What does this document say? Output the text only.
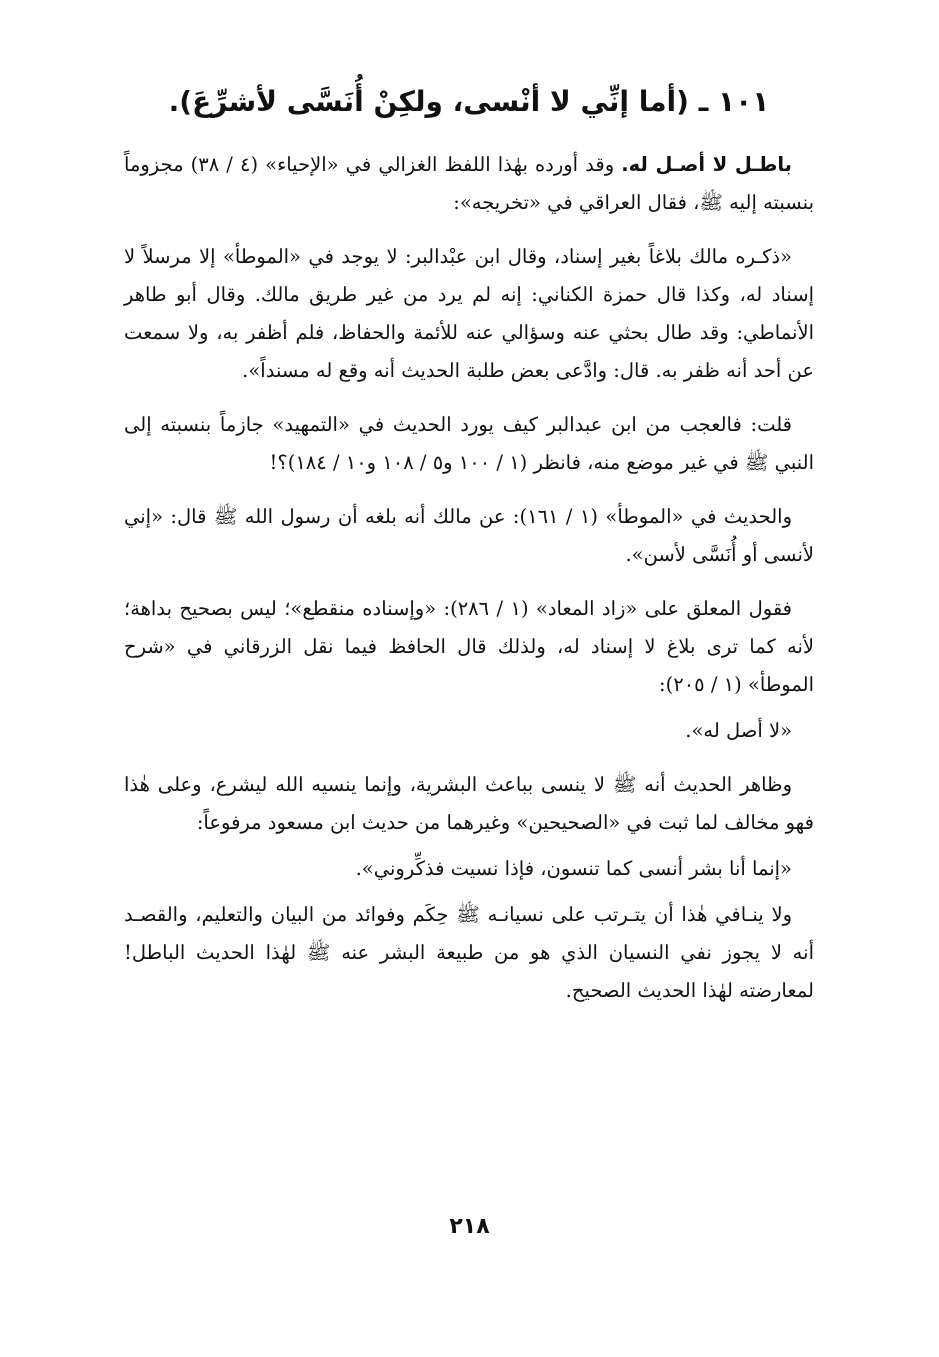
١٠١ ـ (أما إنِّي لا أنْسى، ولكِنْ أُنَسَّى لأشرِّعَ).

باطـل لا أصـل له. وقد أورده بهٰذا اللفظ الغزالي في «الإحياء» (٤ / ٣٨) مجزوماً بنسبته إليه ﷺ، فقال العراقي في «تخريجه»:

«ذكـره مالك بلاغاً بغير إسناد، وقال ابن عبْدالبر: لا يوجد في «الموطأ» إلا مرسلاً لا إسناد له، وكذا قال حمزة الكناني: إنه لم يرد من غير طريق مالك. وقال أبو طاهر الأنماطي: وقد طال بحثي عنه وسؤالي عنه للأئمة والحفاظ، فلم أظفر به، ولا سمعت عن أحد أنه ظفر به. قال: وادَّعى بعض طلبة الحديث أنه وقع له مسنداً».

قلت: فالعجب من ابن عبدالبر كيف يورد الحديث في «التمهيد» جازماً بنسبته إلى النبي ﷺ في غير موضع منه، فانظر (١ / ١٠٠ و٥ / ١٠٨ و١٠ / ١٨٤)؟!

والحديث في «الموطأ» (١ / ١٦١): عن مالك أنه بلغه أن رسول الله ﷺ قال: «إني لأنسى أو أُنَسَّى لأسن».

فقول المعلق على «زاد المعاد» (١ / ٢٨٦): «وإسناده منقطع»؛ ليس بصحيح بداهة؛ لأنه كما ترى بلاغ لا إسناد له، ولذلك قال الحافظ فيما نقل الزرقاني في «شرح الموطأ» (١ / ٢٠٥):

«لا أصل له».

وظاهر الحديث أنه ﷺ لا ينسى بباعث البشرية، وإنما ينسيه الله ليشرع، وعلى هٰذا فهو مخالف لما ثبت في «الصحيحين» وغيرهما من حديث ابن مسعود مرفوعاً:

«إنما أنا بشر أنسى كما تنسون، فإذا نسيت فذكِّروني».

ولا ينـافي هٰذا أن يتـرتب على نسيانـه ﷺ حِكَم وفوائد من البيان والتعليم، والقصـد أنه لا يجوز نفي النسيان الذي هو من طبيعة البشر عنه ﷺ لهٰذا الحديث الباطل! لمعارضته لهٰذا الحديث الصحيح.

٢١٨
